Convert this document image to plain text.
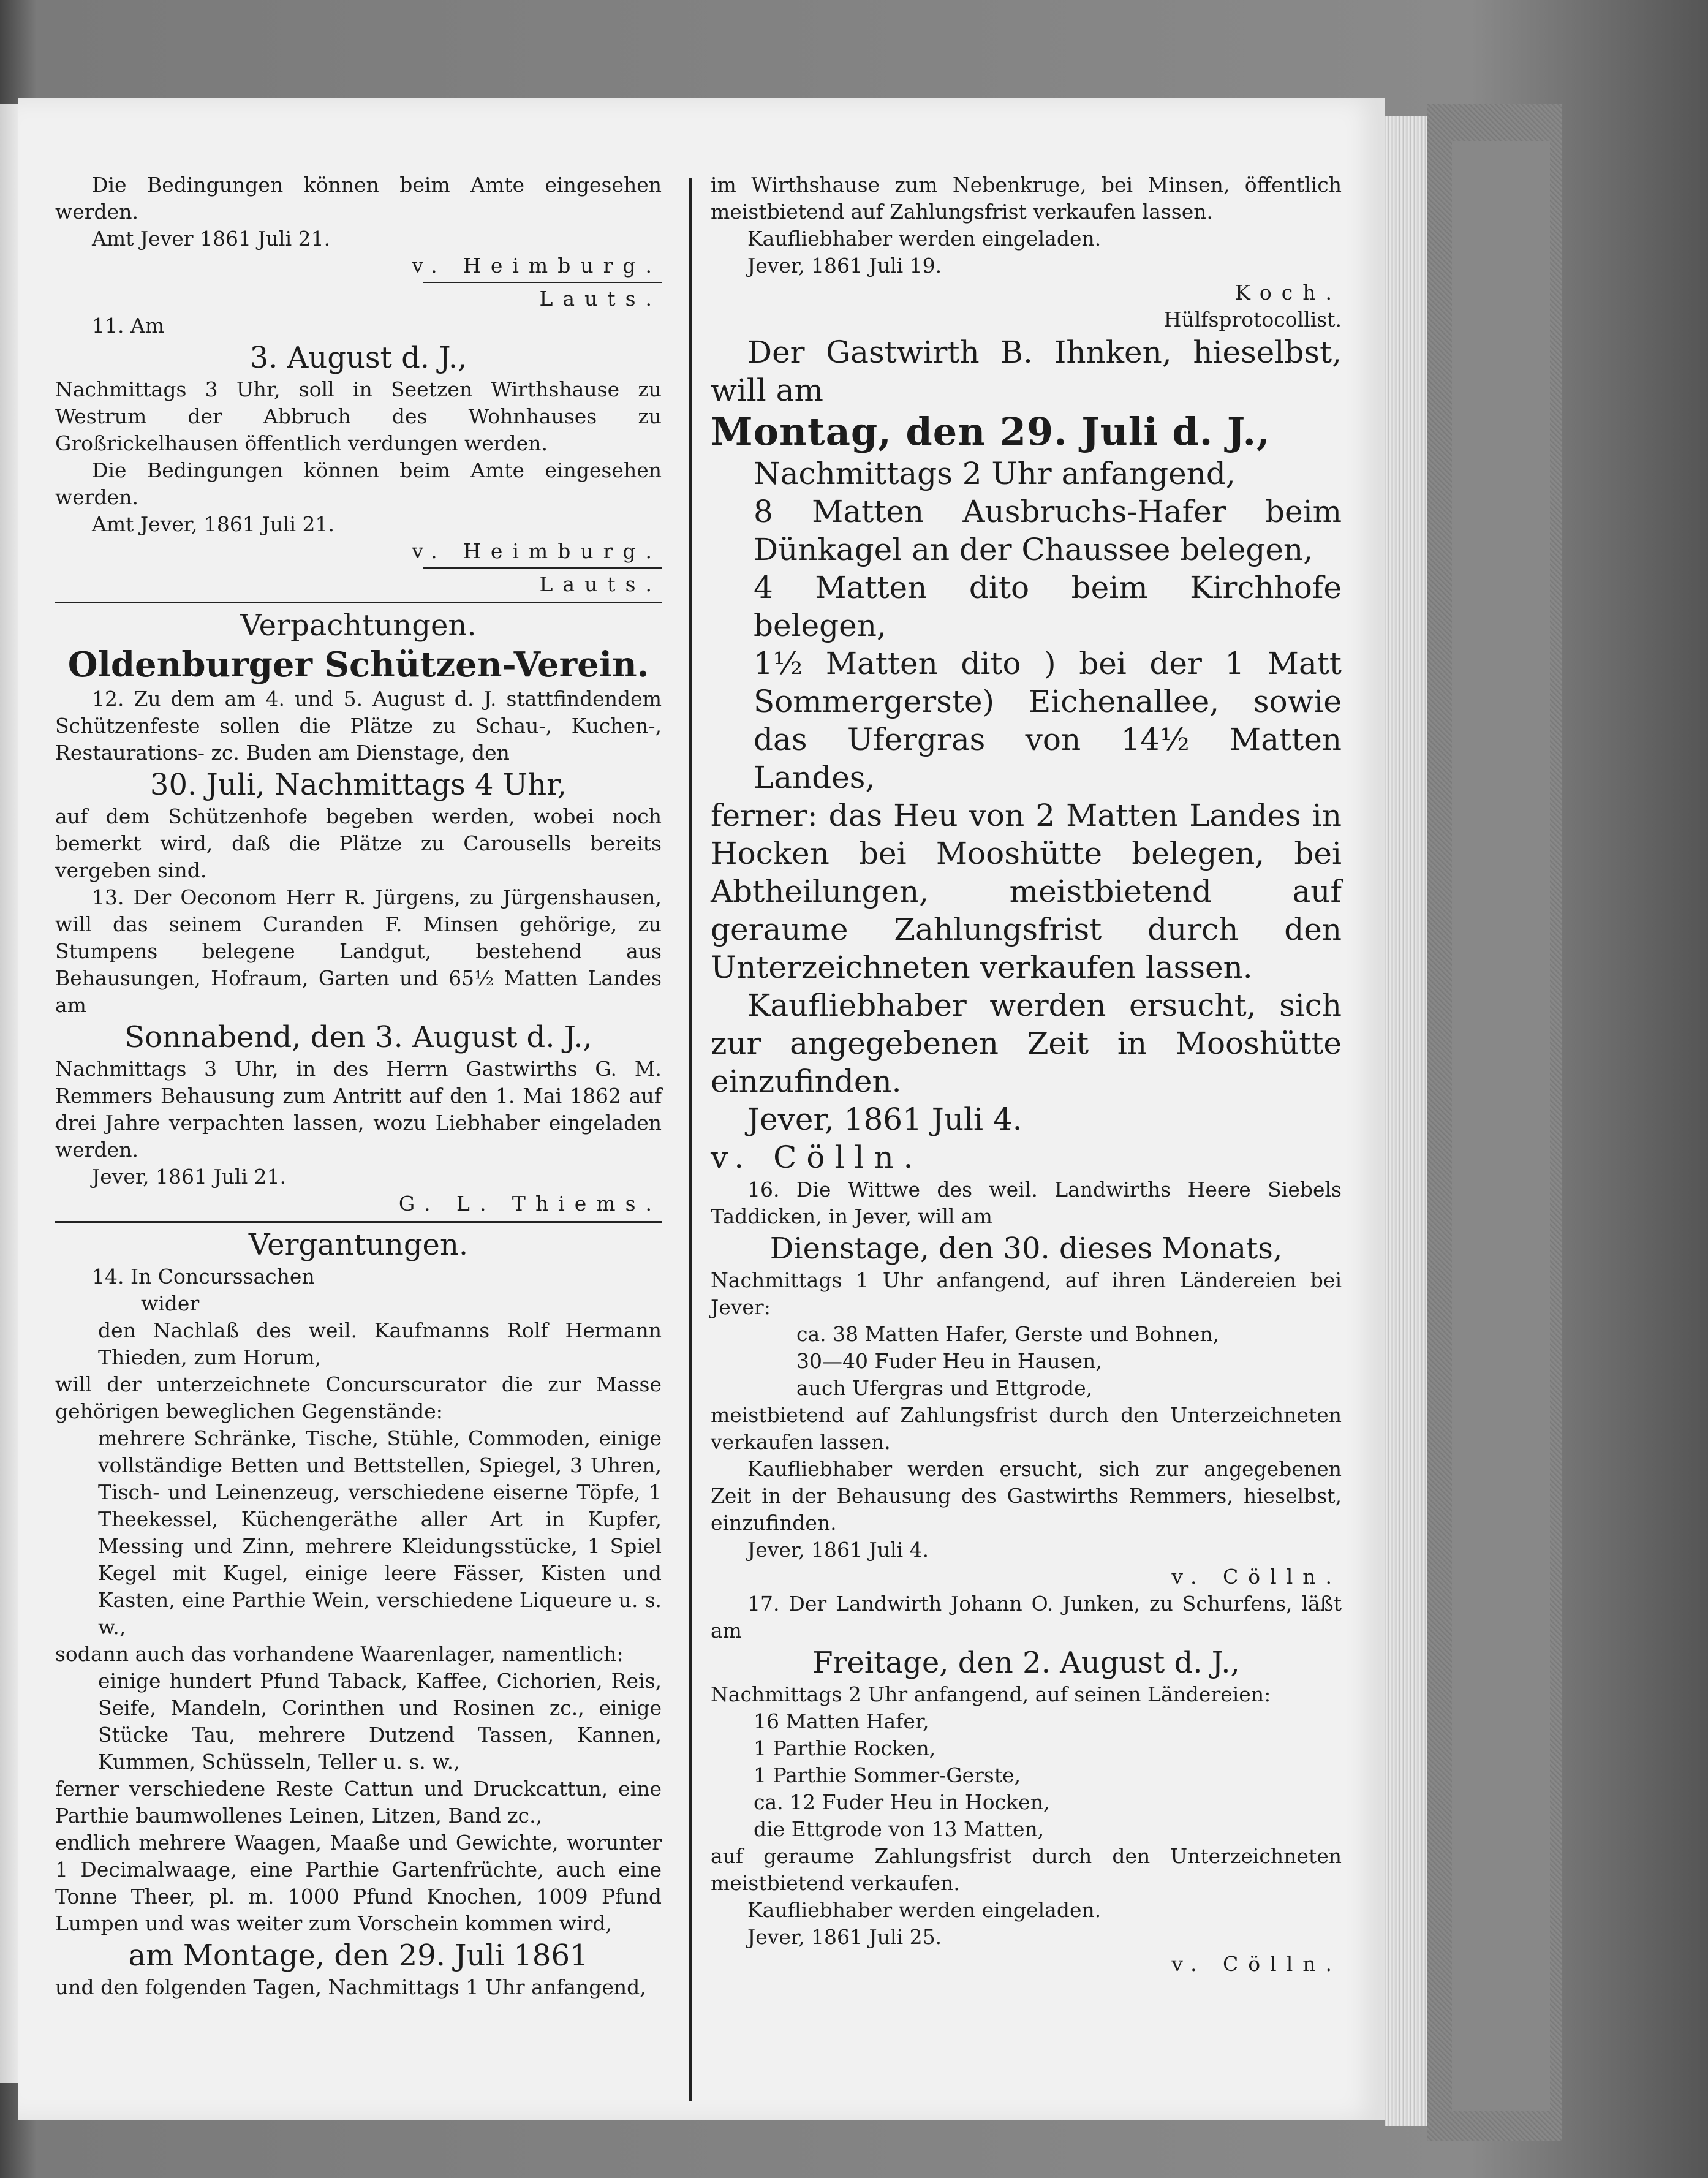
Die Bedingungen können beim Amte eingesehen werden.

Amt Jever 1861 Juli 21.

v. Heimburg.

Lauts.

11. Am

3. August d. J.,

Nachmittags 3 Uhr, soll in Seetzen Wirthshause zu Westrum der Abbruch des Wohnhauses zu Großrickelhausen öffentlich verdungen werden.

Die Bedingungen können beim Amte eingesehen werden.

Amt Jever, 1861 Juli 21.

v. Heimburg.

Lauts.

Verpachtungen.

Oldenburger Schützen-Verein.

12. Zu dem am 4. und 5. August d. J. stattfindendem Schützenfeste sollen die Plätze zu Schau-, Kuchen-, Restaurations- zc. Buden am Dienstage, den

30. Juli, Nachmittags 4 Uhr,

auf dem Schützenhofe begeben werden, wobei noch bemerkt wird, daß die Plätze zu Carousells bereits vergeben sind.

13. Der Oeconom Herr R. Jürgens, zu Jürgenshausen, will das seinem Curanden F. Minsen gehörige, zu Stumpens belegene Landgut, bestehend aus Behausungen, Hofraum, Garten und 65½ Matten Landes am

Sonnabend, den 3. August d. J.,

Nachmittags 3 Uhr, in des Herrn Gastwirths G. M. Remmers Behausung zum Antritt auf den 1. Mai 1862 auf drei Jahre verpachten lassen, wozu Liebhaber eingeladen werden.

Jever, 1861 Juli 21.

G. L. Thiems.

Vergantungen.

14. In Concurssachen

wider

den Nachlaß des weil. Kaufmanns Rolf Hermann Thieden, zum Horum,

will der unterzeichnete Concurscurator die zur Masse gehörigen beweglichen Gegenstände:

mehrere Schränke, Tische, Stühle, Commoden, einige vollständige Betten und Bettstellen, Spiegel, 3 Uhren, Tisch- und Leinenzeug, verschiedene eiserne Töpfe, 1 Theekessel, Küchengeräthe aller Art in Kupfer, Messing und Zinn, mehrere Kleidungsstücke, 1 Spiel Kegel mit Kugel, einige leere Fässer, Kisten und Kasten, eine Parthie Wein, verschiedene Liqueure u. s. w.,

sodann auch das vorhandene Waarenlager, namentlich:

einige hundert Pfund Taback, Kaffee, Cichorien, Reis, Seife, Mandeln, Corinthen und Rosinen zc., einige Stücke Tau, mehrere Dutzend Tassen, Kannen, Kummen, Schüsseln, Teller u. s. w.,

ferner verschiedene Reste Cattun und Druckcattun, eine Parthie baumwollenes Leinen, Litzen, Band zc.,

endlich mehrere Waagen, Maaße und Gewichte, worunter 1 Decimalwaage, eine Parthie Gartenfrüchte, auch eine Tonne Theer, pl. m. 1000 Pfund Knochen, 1009 Pfund Lumpen und was weiter zum Vorschein kommen wird,

am Montage, den 29. Juli 1861

und den folgenden Tagen, Nachmittags 1 Uhr anfangend,

im Wirthshause zum Nebenkruge, bei Minsen, öffentlich meistbietend auf Zahlungsfrist verkaufen lassen.

Kaufliebhaber werden eingeladen.

Jever, 1861 Juli 19.

Koch.

Hülfsprotocollist.

Der Gastwirth B. Ihnken, hieselbst, will am

Montag, den 29. Juli d. J.,

Nachmittags 2 Uhr anfangend,

8 Matten Ausbruchs-Hafer beim Dünkagel an der Chaussee belegen,

4 Matten dito beim Kirchhofe belegen,

1½ Matten dito ) bei der 1 Matt Sommergerste) Eichenallee, sowie das Ufergras von 14½ Matten Landes,

ferner: das Heu von 2 Matten Landes in Hocken bei Mooshütte belegen, bei Abtheilungen, meistbietend auf geraume Zahlungsfrist durch den Unterzeichneten verkaufen lassen.

Kaufliebhaber werden ersucht, sich zur angegebenen Zeit in Mooshütte einzufinden.

Jever, 1861 Juli 4.

v. Cölln.

16. Die Wittwe des weil. Landwirths Heere Siebels Taddicken, in Jever, will am

Dienstage, den 30. dieses Monats,

Nachmittags 1 Uhr anfangend, auf ihren Ländereien bei Jever:

ca. 38 Matten Hafer, Gerste und Bohnen,

30—40 Fuder Heu in Hausen,

auch Ufergras und Ettgrode,

meistbietend auf Zahlungsfrist durch den Unterzeichneten verkaufen lassen.

Kaufliebhaber werden ersucht, sich zur angegebenen Zeit in der Behausung des Gastwirths Remmers, hieselbst, einzufinden.

Jever, 1861 Juli 4.

v. Cölln.

17. Der Landwirth Johann O. Junken, zu Schurfens, läßt am

Freitage, den 2. August d. J.,

Nachmittags 2 Uhr anfangend, auf seinen Ländereien:

16 Matten Hafer,

1 Parthie Rocken,

1 Parthie Sommer-Gerste,

ca. 12 Fuder Heu in Hocken,

die Ettgrode von 13 Matten,

auf geraume Zahlungsfrist durch den Unterzeichneten meistbietend verkaufen.

Kaufliebhaber werden eingeladen.

Jever, 1861 Juli 25.

v. Cölln.
